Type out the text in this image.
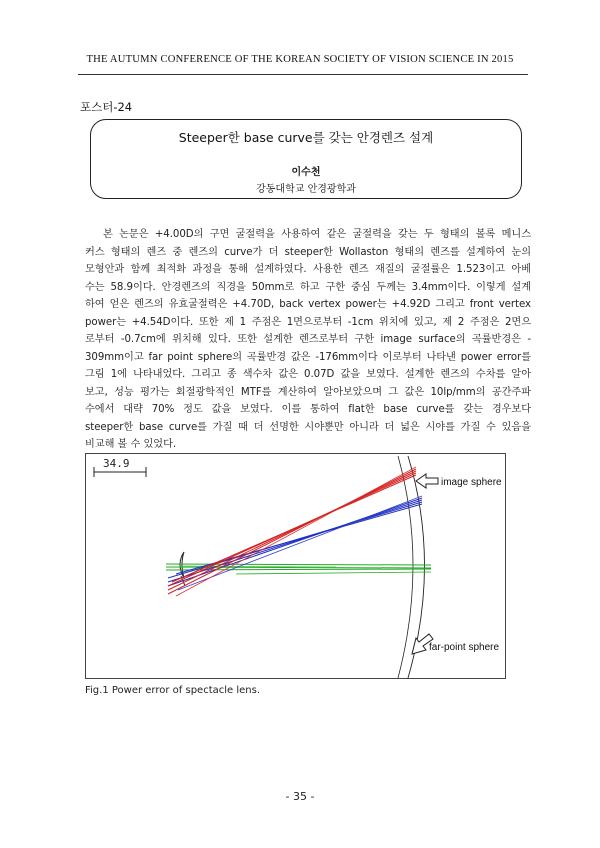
THE AUTUMN CONFERENCE OF THE KOREAN SOCIETY OF VISION SCIENCE IN 2015
포스터-24
Steeper한 base curve를 갖는 안경렌즈 설계
이수천
강동대학교 안경광학과
본 논문은 +4.00D의 구면 굴절력을 사용하여 같은 굴절력을 갖는 두 형태의 볼록 메니스
커스 형태의 렌즈 중 렌즈의 curve가 더 steeper한 Wollaston 형태의 렌즈를 설계하여 눈의
모형안과 함께 최적화 과정을 통해 설계하였다. 사용한 렌즈 재질의 굴절률은 1.523이고 아베
수는 58.9이다. 안경렌즈의 직경을 50mm로 하고 구한 중심 두께는 3.4mm이다. 이렇게 설계
하여 얻은 렌즈의 유효굴절력은 +4.70D, back vertex power는 +4.92D 그리고 front vertex
power는 +4.54D이다. 또한 제 1 주점은 1면으로부터 -1cm 위치에 있고, 제 2 주점은 2면으
로부터 -0.7cm에 위치해 있다. 또한 설계한 렌즈로부터 구한 image surface의 곡률반경은 -
309mm이고 far point sphere의 곡률반경 값은 -176mm이다 이로부터 나타낸 power error를
그림 1에 나타내었다. 그리고 종 색수차 값은 0.07D 값을 보였다. 설계한 렌즈의 수차를 알아
보고, 성능 평가는 회절광학적인 MTF를 계산하여 알아보았으며 그 값은 10lp/mm의 공간주파
수에서 대략 70% 정도 값을 보였다. 이를 통하여 flat한 base curve를 갖는 경우보다
steeper한 base curve를 가질 때 더 선명한 시야뿐만 아니라 더 넓은 시야를 가질 수 있음을
비교해 볼 수 있었다.
34.9
image sphere
far-point sphere
Fig.1 Power error of spectacle lens.
- 35 -
